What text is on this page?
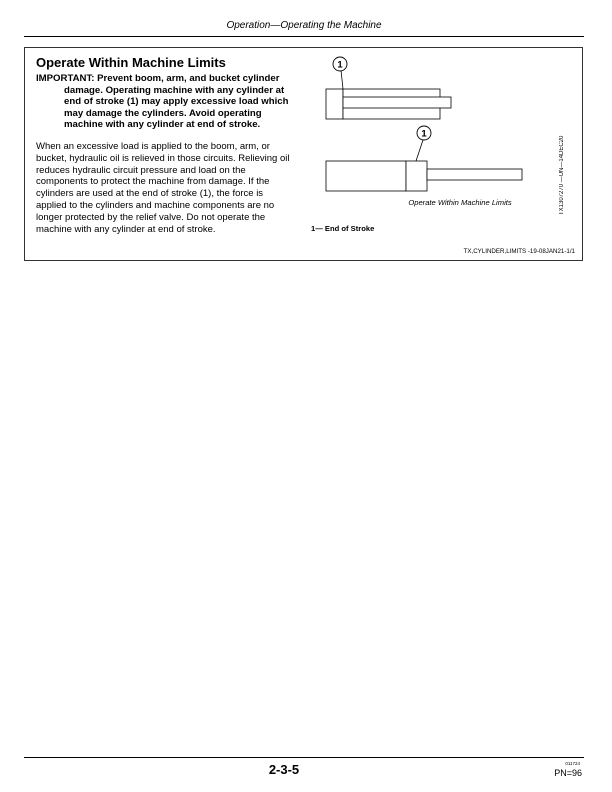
Operation—Operating the Machine
Operate Within Machine Limits
IMPORTANT: Prevent boom, arm, and bucket cylinder damage. Operating machine with any cylinder at end of stroke (1) may apply excessive load which may damage the cylinders. Avoid operating machine with any cylinder at end of stroke.
When an excessive load is applied to the boom, arm, or bucket, hydraulic oil is relieved in those circuits. Relieving oil reduces hydraulic circuit pressure and load on the components to protect the machine from damage. If the cylinders are used at the end of stroke (1), the force is applied to the cylinders and machine components are no longer protected by the relief valve. Do not operate the machine with any cylinder at end of stroke.
1
1
TX1307270 —UN—14DEC20
Operate Within Machine Limits
1— End of Stroke
TX,CYLINDER,LIMITS -19-08JAN21-1/1
2-3-5	011724
PN=96
